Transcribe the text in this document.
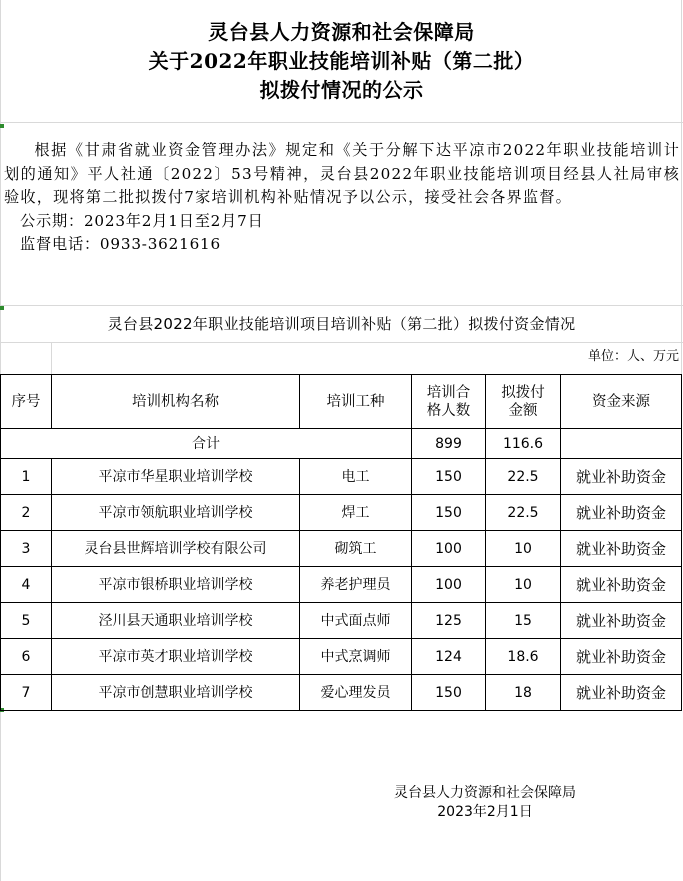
灵台县人力资源和社会保障局
关于2022年职业技能培训补贴（第二批）
拟拨付情况的公示

根据《甘肃省就业资金管理办法》规定和《关于分解下达平凉市2022年职业技能培训计划的通知》平人社通〔2022〕53号精神，灵台县2022年职业技能培训项目经县人社局审核验收，现将第二批拟拨付7家培训机构补贴情况予以公示，接受社会各界监督。

公示期：2023年2月1日至2月7日
监督电话：0933-3621616
灵台县2022年职业技能培训项目培训补贴（第二批）拟拨付资金情况
单位：人、万元
序号	培训机构名称	培训工种	培训合格人数	拟拨付金额	资金来源
合计			899	116.6	
1	平凉市华星职业培训学校	电工	150	22.5	就业补助资金
2	平凉市领航职业培训学校	焊工	150	22.5	就业补助资金
3	灵台县世辉培训学校有限公司	砌筑工	100	10	就业补助资金
4	平凉市银桥职业培训学校	养老护理员	100	10	就业补助资金
5	泾川县天通职业培训学校	中式面点师	125	15	就业补助资金
6	平凉市英才职业培训学校	中式烹调师	124	18.6	就业补助资金
7	平凉市创慧职业培训学校	爱心理发员	150	18	就业补助资金
灵台县人力资源和社会保障局
2023年2月1日
